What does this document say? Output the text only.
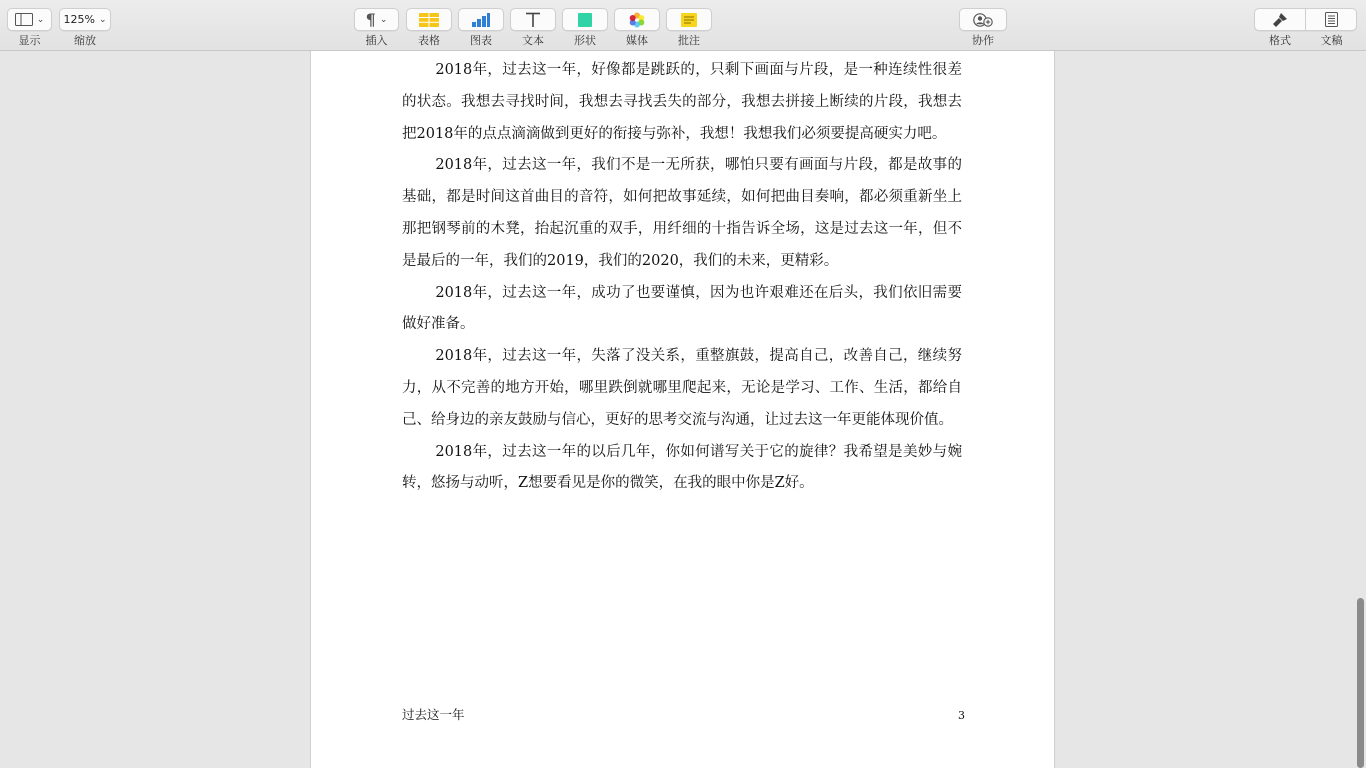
⌄
显示
125% ⌄
缩放
¶ ⌄
插入	表格	图表	文本	形状	媒体	批注	协作	格式	文稿

2018年，过去这一年，好像都是跳跃的，只剩下画面与片段，是一种连续性很差的状态。我想去寻找时间，我想去寻找丢失的部分，我想去拼接上断续的片段，我想去把2018年的点点滴滴做到更好的衔接与弥补，我想！我想我们必须要提高硬实力吧。

2018年，过去这一年，我们不是一无所获，哪怕只要有画面与片段，都是故事的基础，都是时间这首曲目的音符，如何把故事延续，如何把曲目奏响，都必须重新坐上那把钢琴前的木凳，抬起沉重的双手，用纤细的十指告诉全场，这是过去这一年，但不是最后的一年，我们的2019，我们的2020，我们的未来，更精彩。

2018年，过去这一年，成功了也要谨慎，因为也许艰难还在后头，我们依旧需要做好准备。

2018年，过去这一年，失落了没关系，重整旗鼓，提高自己，改善自己，继续努力，从不完善的地方开始，哪里跌倒就哪里爬起来，无论是学习、工作、生活，都给自己、给身边的亲友鼓励与信心，更好的思考交流与沟通，让过去这一年更能体现价值。

2018年，过去这一年的以后几年，你如何谱写关于它的旋律？我希望是美妙与婉转，悠扬与动听，Z想要看见是你的微笑，在我的眼中你是Z好。

过去这一年	3
